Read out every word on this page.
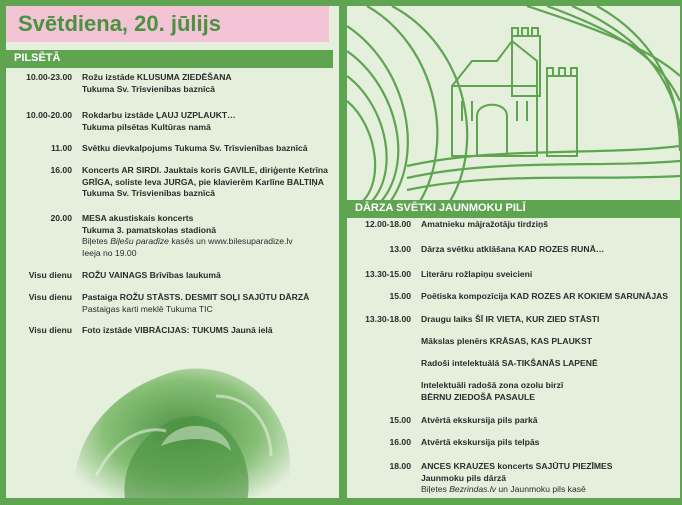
Svētdiena, 20. jūlijs
PILSĒTĀ
10.00-23.00 Rožu izstāde KLUSUMA ZIEDĒŠANA
Tukuma Sv. Trīsvienības baznīcā
10.00-20.00 Rokdarbu izstāde ĻAUJ UZPLAUKT…
Tukuma pilsētas Kultūras namā
11.00 Svētku dievkalpojums Tukuma Sv. Trīsvienības baznīcā
16.00 Koncerts AR SIRDI. Jauktais koris GAVILE, diriģente Ketrīna
GRĪGA, soliste Ieva JURGA, pie klavierēm Karlīne BALTIŅA
Tukuma Sv. Trīsvienības baznīcā
20.00 MESA akustiskais koncerts
Tukuma 3. pamatskolas stadionā
Biļetes Biļešu paradīze kasēs un www.bilesuparadize.lv
Ieeja no 19.00
Visu dienu ROŽU VAINAGS Brīvības laukumā
Visu dienu Pastaiga ROŽU STĀSTS. DESMIT SOĻI SAJŪTU DĀRZĀ
Pastaigas karti meklē Tukuma TIC
Visu dienu Foto izstāde VIBRĀCIJAS: TUKUMS Jaunā ielā
DĀRZA SVĒTKI JAUNMOKU PILĪ
12.00-18.00 Amatnieku mājražotāju tirdziņš
13.00 Dārza svētku atklāšana KAD ROZES RUNĀ…
13.30-15.00 Literāru rožlapiņu sveicieni
15.00 Poētiska kompozīcija KAD ROZES AR KOKIEM SARUNĀJAS
13.30-18.00 Draugu laiks ŠĪ IR VIETA, KUR ZIED STĀSTI
Mākslas plenērs KRĀSAS, KAS PLAUKST
Radoši intelektuālā SA-TIKŠANĀS LAPENĒ
Intelektuāli radošā zona ozolu birzī
BĒRNU ZIEDOŠĀ PASAULE
15.00 Atvērtā ekskursija pils parkā
16.00 Atvērtā ekskursija pils telpās
18.00 ANCES KRAUZES koncerts SAJŪTU PIEZĪMES
Jaunmoku pils dārzā
Biļetes Bezrindas.lv un Jaunmoku pils kasē
